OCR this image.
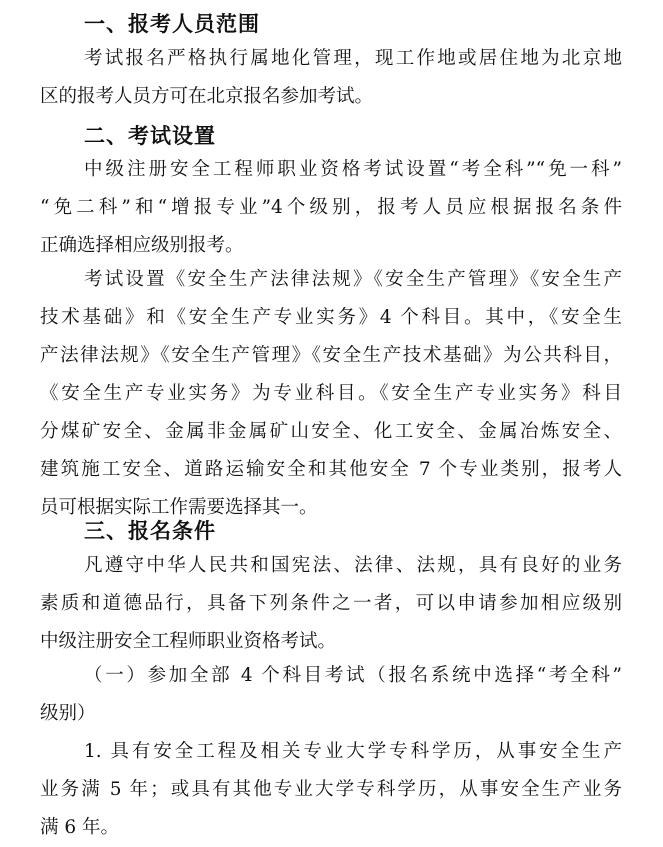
一、报考人员范围
考试报名严格执行属地化管理，现工作地或居住地为北京地
区的报考人员方可在北京报名参加考试。
二、考试设置
中级注册安全工程师职业资格考试设置“考全科”“免一科”
“免二科”和“增报专业”4个级别，报考人员应根据报名条件
正确选择相应级别报考。
考试设置《安全生产法律法规》《安全生产管理》《安全生产
技术基础》和《安全生产专业实务》4 个科目。其中，《安全生
产法律法规》《安全生产管理》《安全生产技术基础》为公共科目，
《安全生产专业实务》为专业科目。《安全生产专业实务》科目
分煤矿安全、金属非金属矿山安全、化工安全、金属冶炼安全、
建筑施工安全、道路运输安全和其他安全 7 个专业类别，报考人
员可根据实际工作需要选择其一。
三、报名条件
凡遵守中华人民共和国宪法、法律、法规，具有良好的业务
素质和道德品行，具备下列条件之一者，可以申请参加相应级别
中级注册安全工程师职业资格考试。
（一）参加全部 4 个科目考试（报名系统中选择“考全科”
级别）
1. 具有安全工程及相关专业大学专科学历，从事安全生产
业务满 5 年；或具有其他专业大学专科学历，从事安全生产业务
满 6 年。
